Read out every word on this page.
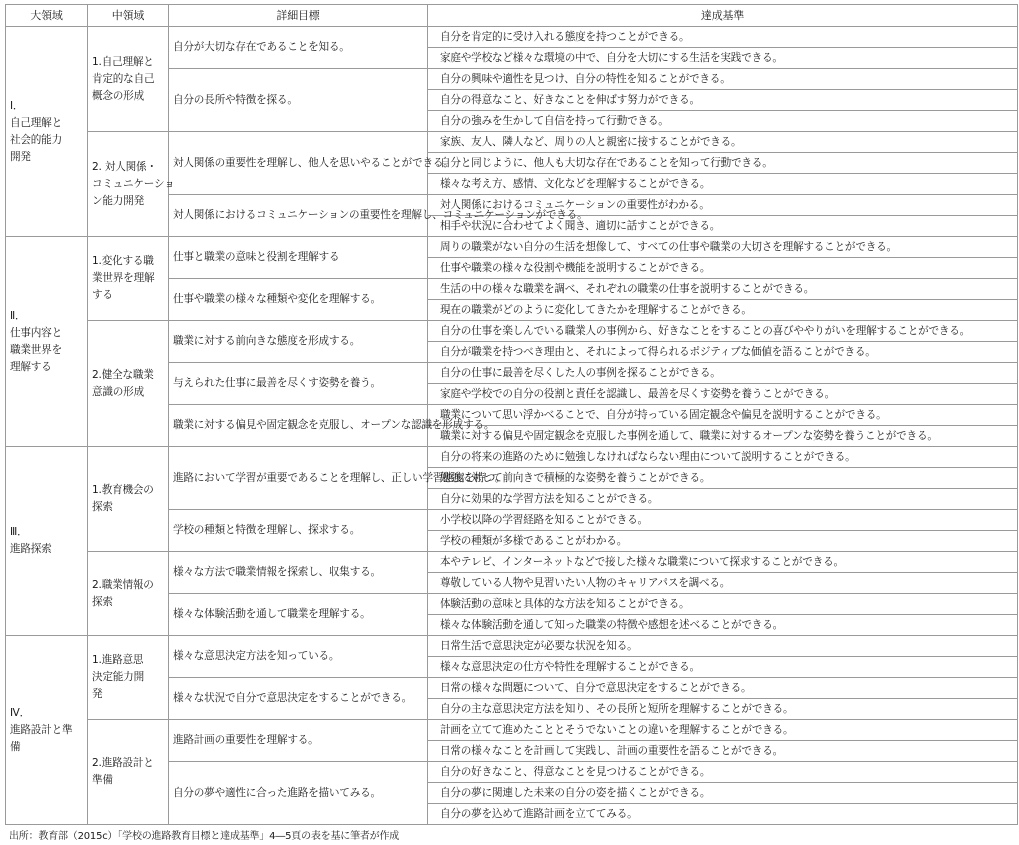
大領域	中領域	詳細目標	達成基準
Ⅰ．
自己理解と
社会的能力
開発	1.自己理解と
肯定的な自己
概念の形成	自分が大切な存在であることを知る。	自分を肯定的に受け入れる態度を持つことができる。
			家庭や学校など様々な環境の中で、自分を大切にする生活を実践できる。
		自分の長所や特徴を探る。	自分の興味や適性を見つけ、自分の特性を知ることができる。
			自分の得意なこと、好きなことを伸ばす努力ができる。
			自分の強みを生かして自信を持って行動できる。
	2. 対人関係・
コミュニケーショ
ン能力開発	対人関係の重要性を理解し、他人を思いやることができる。	家族、友人、隣人など、周りの人と親密に接することができる。
			自分と同じように、他人も大切な存在であることを知って行動できる。
			様々な考え方、感情、文化などを理解することができる。
		対人関係におけるコミュニケーションの重要性を理解し、コミュニケーションができる。	対人関係におけるコミュニケーションの重要性がわかる。
			相手や状況に合わせてよく聞き、適切に話すことができる。
Ⅱ．
仕事内容と
職業世界を
理解する	1.変化する職
業世界を理解
する	仕事と職業の意味と役割を理解する	周りの職業がない自分の生活を想像して、すべての仕事や職業の大切さを理解することができる。
			仕事や職業の様々な役割や機能を説明することができる。
		仕事や職業の様々な種類や変化を理解する。	生活の中の様々な職業を調べ、それぞれの職業の仕事を説明することができる。
			現在の職業がどのように変化してきたかを理解することができる。
	2.健全な職業
意識の形成	職業に対する前向きな態度を形成する。	自分の仕事を楽しんでいる職業人の事例から、好きなことをすることの喜びややりがいを理解することができる。
			自分が職業を持つべき理由と、それによって得られるポジティブな価値を語ることができる。
		与えられた仕事に最善を尽くす姿勢を養う。	自分の仕事に最善を尽くした人の事例を探ることができる。
			家庭や学校での自分の役割と責任を認識し、最善を尽くす姿勢を養うことができる。
		職業に対する偏見や固定観念を克服し、オープンな認識を形成する。	職業について思い浮かべることで、自分が持っている固定観念や偏見を説明することができる。
			職業に対する偏見や固定観念を克服した事例を通して、職業に対するオープンな姿勢を養うことができる。
Ⅲ．
進路探索	1.教育機会の
探索	進路において学習が重要であることを理解し、正しい学習態度を持つ。	自分の将来の進路のために勉強しなければならない理由について説明することができる。
			勉強に対して前向きで積極的な姿勢を養うことができる。
			自分に効果的な学習方法を知ることができる。
		学校の種類と特徴を理解し、探求する。	小学校以降の学習経路を知ることができる。
			学校の種類が多様であることがわかる。
	2.職業情報の
探索	様々な方法で職業情報を探索し、収集する。	本やテレビ、インターネットなどで接した様々な職業について探求することができる。
			尊敬している人物や見習いたい人物のキャリアパスを調べる。
		様々な体験活動を通して職業を理解する。	体験活動の意味と具体的な方法を知ることができる。
			様々な体験活動を通して知った職業の特徴や感想を述べることができる。
Ⅳ．
進路設計と準
備	1.進路意思
決定能力開
発	様々な意思決定方法を知っている。	日常生活で意思決定が必要な状況を知る。
			様々な意思決定の仕方や特性を理解することができる。
		様々な状況で自分で意思決定をすることができる。	日常の様々な問題について、自分で意思決定をすることができる。
			自分の主な意思決定方法を知り、その長所と短所を理解することができる。
	2.進路設計と
準備	進路計画の重要性を理解する。	計画を立てて進めたこととそうでないことの違いを理解することができる。
			日常の様々なことを計画して実践し、計画の重要性を語ることができる。
		自分の夢や適性に合った進路を描いてみる。	自分の好きなこと、得意なことを見つけることができる。
			自分の夢に関連した未来の自分の姿を描くことができる。
			自分の夢を込めて進路計画を立ててみる。
出所：教育部（2015c）「学校の進路教育目標と達成基準」4―5頁の表を基に筆者が作成
